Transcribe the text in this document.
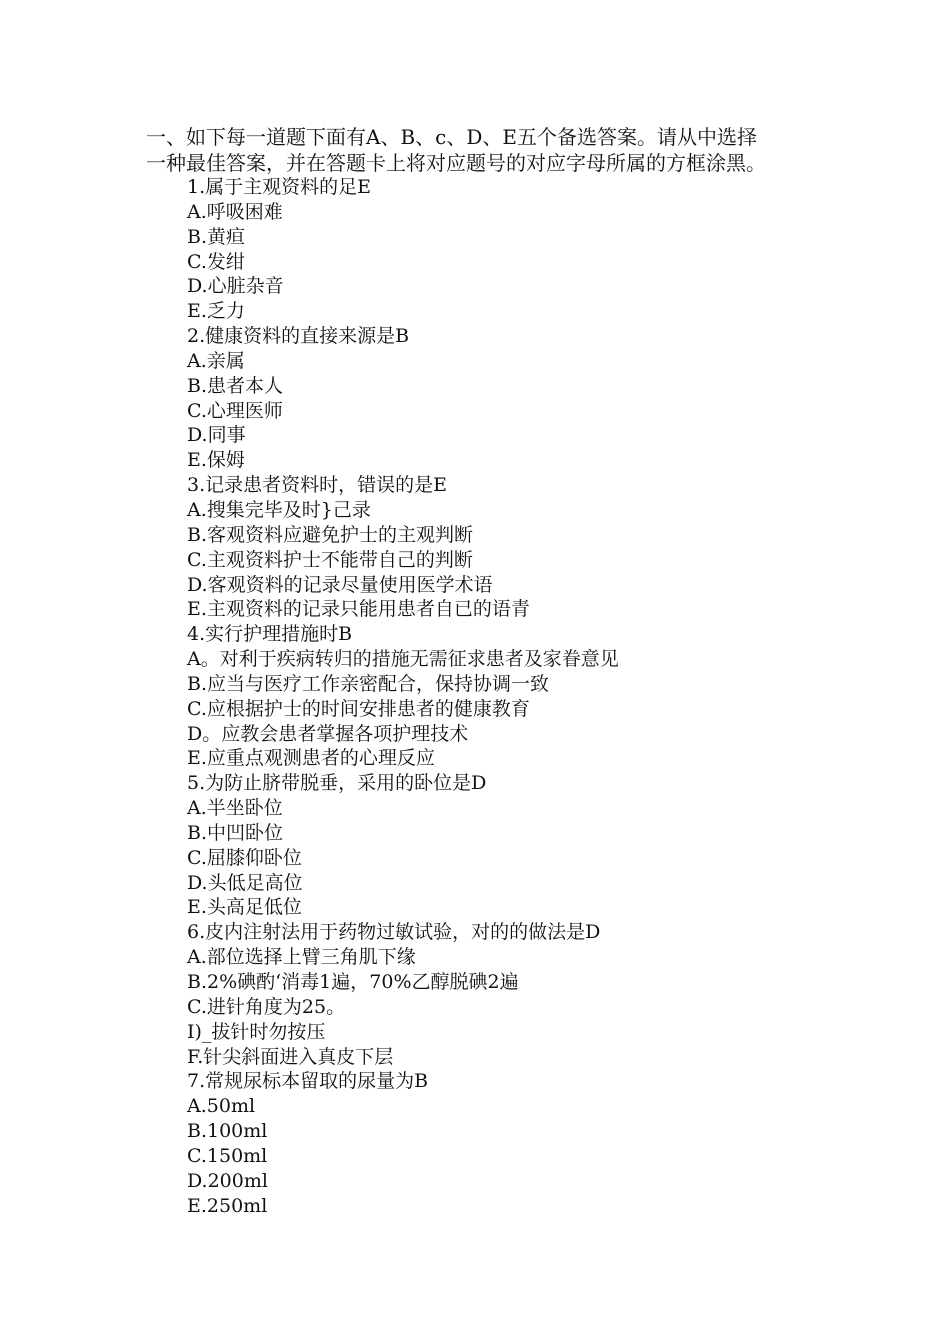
一、如下每一道题下面有A、B、c、D、E五个备选答案。请从中选择

一种最佳答案，并在答题卡上将对应题号的对应字母所属的方框涂黑。

1.属于主观资料的足E
A.呼吸困难
B.黄疸
C.发绀
D.心脏杂音
E.乏力
2.健康资料的直接来源是B
A.亲属
B.患者本人
C.心理医师
D.同事
E.保姆
3.记录患者资料时，错误的是E
A.搜集完毕及时}己录
B.客观资料应避免护士的主观判断
C.主观资料护士不能带自己的判断
D.客观资料的记录尽量使用医学术语
E.主观资料的记录只能用患者自已的语青
4.实行护理措施时B
A。对利于疾病转归的措施无需征求患者及家眷意见
B.应当与医疗工作亲密配合，保持协调一致
C.应根据护士的时间安排患者的健康教育
D。应教会患者掌握各项护理技术
E.应重点观测患者的心理反应
5.为防止脐带脱垂，采用的卧位是D
A.半坐卧位
B.中凹卧位
C.屈膝仰卧位
D.头低足高位
E.头高足低位
6.皮内注射法用于药物过敏试验，对的的做法是D
A.部位选择上臂三角肌下缘
B.2%碘酌‘消毒1遍，70%乙醇脱碘2遍
C.进针角度为25。
I)_拔针时勿按压
F.针尖斜面进入真皮下层
7.常规尿标本留取的尿量为B
A.50ml
B.100ml
C.150ml
D.200ml
E.250ml
